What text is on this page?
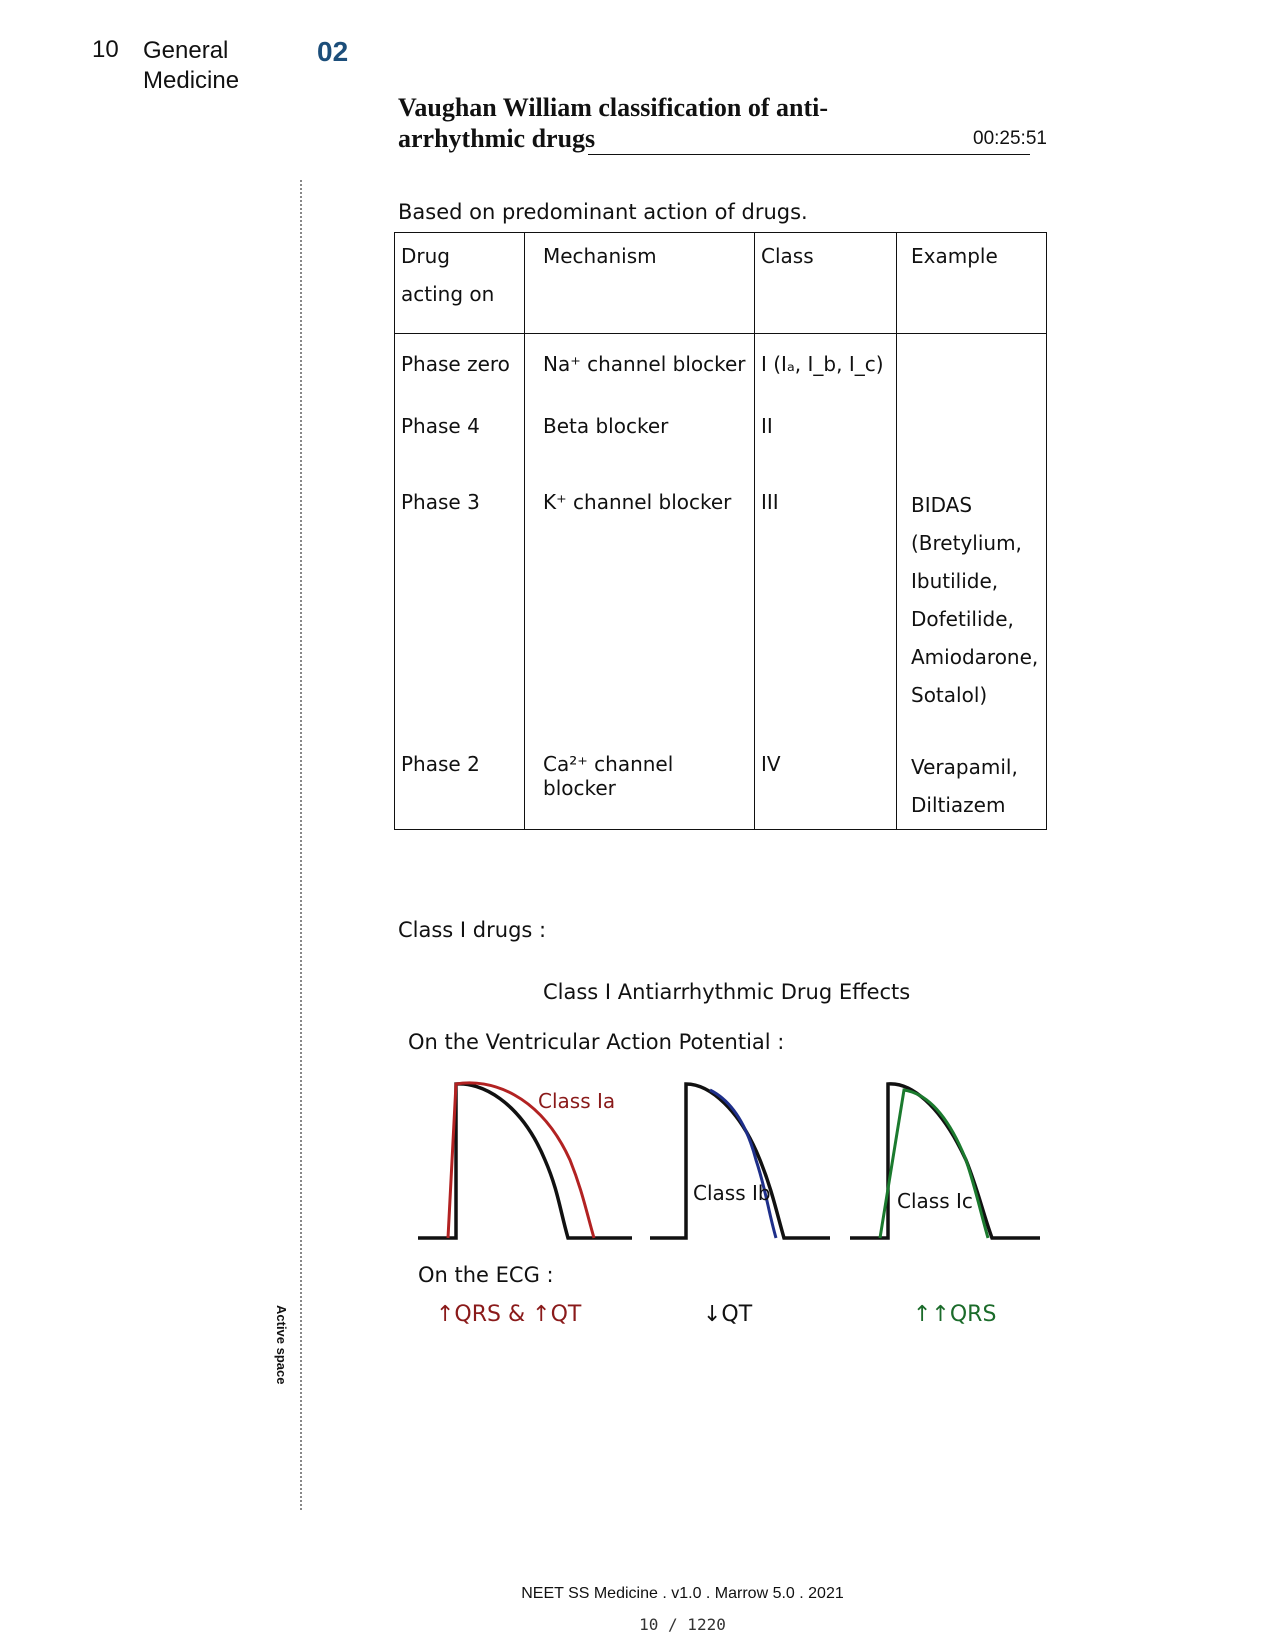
10 General Medicine
02
Vaughan William classification of anti-arrhythmic drugs	00:25:51
Active space
Based on predominant action of drugs.
Drug acting on	Mechanism	Class	Example
Phase zero	Na⁺ channel blocker	I (Iₐ, I_b, I_c)	
Phase 4	Beta blocker	II	
Phase 3	K⁺ channel blocker	III	BIDAS (Bretylium, Ibutilide, Dofetilide, Amiodarone, Sotalol)
Phase 2	Ca²⁺ channel blocker	IV	Verapamil, Diltiazem
Class I drugs :
Class I Antiarrhythmic Drug Effects
On the Ventricular Action Potential :
Class Ia
Class Ib	Class Ic
On the ECG :
↑QRS & ↑QT	↓QT	↑↑QRS
NEET SS Medicine . v1.0 . Marrow 5.0 . 2021
10 / 1220
